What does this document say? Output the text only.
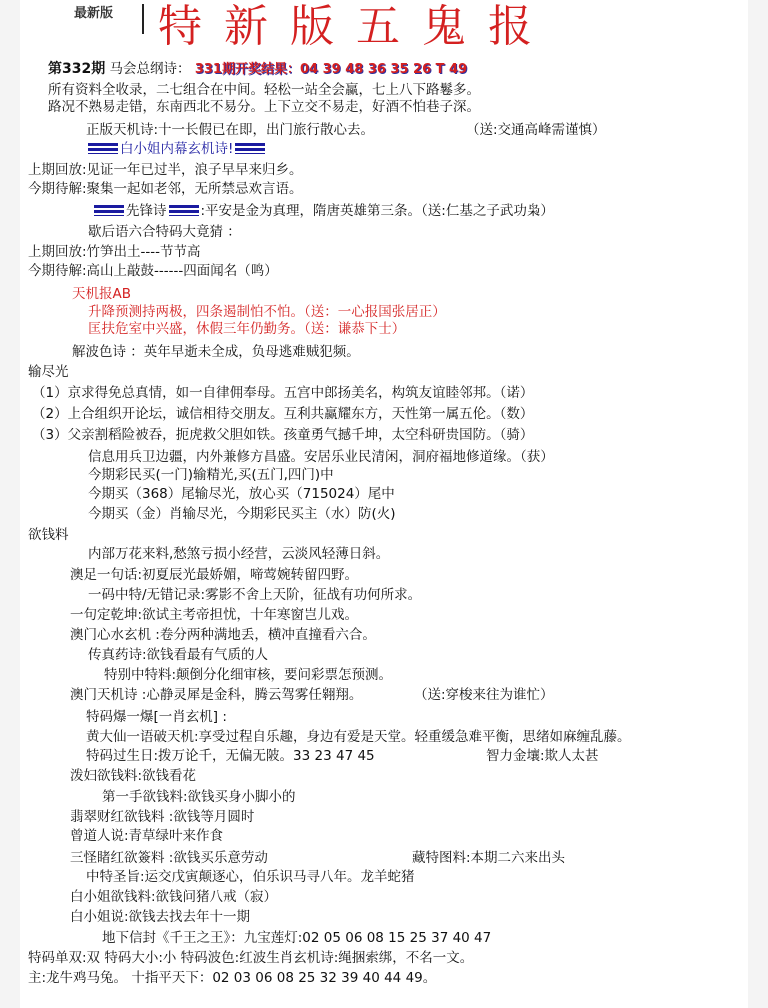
最新版 特新版五鬼报
第332期 马会总纲诗： 331期开奖结果：04 39 48 36 35 26 T 49
所有资料全收录，二七组合在中间。轻松一站全会赢，七上八下路鬈多。
路况不熟易走错，东南西北不易分。上下立交不易走，好酒不怕巷子深。
正版天机诗:十一长假已在即，出门旅行散心去。	（送:交通高峰需谨慎）
白小姐内幕玄机诗!
上期回放:见证一年已过半，浪子早早来归乡。
今期待解:聚集一起如老邻，无所禁忌欢言语。
先锋诗	:平安是金为真理，隋唐英雄第三条。（送:仁基之子武功枭）
歇后语六合特码大竟猜 ：
上期回放:竹笋出土----节节高
今期待解:高山上敲鼓------四面闻名（鸣）
天机报AB
升降预测持两极，四条遏制怕不怕。（送：一心报国张居正）
匡扶危室中兴盛，休假三年仍勤务。（送：谦恭下士）
解波色诗 ：英年早逝未全成，负母逃难贼犯频。
输尽光
（1）京求得免总真情，如一自律佣奉母。五宫中郎扬美名，构筑友谊睦邻邦。（诺）
（2）上合组织开论坛，诚信相待交朋友。互利共赢耀东方，天性第一属五伦。（数）
（3）父亲割稻险被吞，扼虎救父胆如铁。孩童勇气撼千坤，太空科研贵国防。（骑）
信息用兵卫边疆，内外兼修方昌盛。安居乐业民清闲，洞府福地修道缘。（获）
今期彩民买(一门)输精光,买(五门,四门)中
今期买（368）尾输尽光，放心买（715024）尾中
今期买（金）肖输尽光，今期彩民买主（水）防(火)
欲钱料
内部万花来料,愁煞亏损小经营，云淡风轻薄日斜。
澳足一句话:初夏辰光最娇媚，啼莺婉转留四野。
一码中特/无错记录:雾影不舍上天阶，征战有功何所求。
一句定乾坤:欲试主考帝担忧，十年寒窗岂儿戏。
澳门心水玄机 :卷分两种满地丢，横冲直撞看六合。
传真药诗:欲钱看最有气质的人
特别中特料:颠倒分化细审核，要问彩票怎预测。
澳门天机诗 :心静灵犀是金科，腾云驾雾任翱翔。	（送:穿梭来往为谁忙）
特码爆一爆[一肖玄机] :
黄大仙一语破天机:享受过程自乐趣，身边有爱是天堂。轻重缓急难平衡，思绪如麻缠乱藤。
特码过生日:拨万论千，无偏无陂。33 23 47 45	智力金壤:欺人太甚
泼妇欲钱料:欲钱看花
第一手欲钱料:欲钱买身小脚小的
翡翠财红欲钱料 :欲钱等月圆时
曾道人说:青草绿叶来作食
三怪睹红欲簽料 :欲钱买乐意劳动	藏特图料:本期二六来出头
中特圣旨:运交戊寅颠逐心，伯乐识马寻八年。龙羊蛇猪
白小姐欲钱料:欲钱问猪八戒（寂）
白小姐说:欲钱去找去年十一期
地下信封《千王之王》：九宝莲灯:02 05 06 08 15 25 37 40 47
特码单双:双 特码大小:小 特码波色:红波生肖玄机诗:绳捆索绑，不名一文。
主:龙牛鸡马兔。 十指平天下：02 03 06 08 25 32 39 40 44 49。
